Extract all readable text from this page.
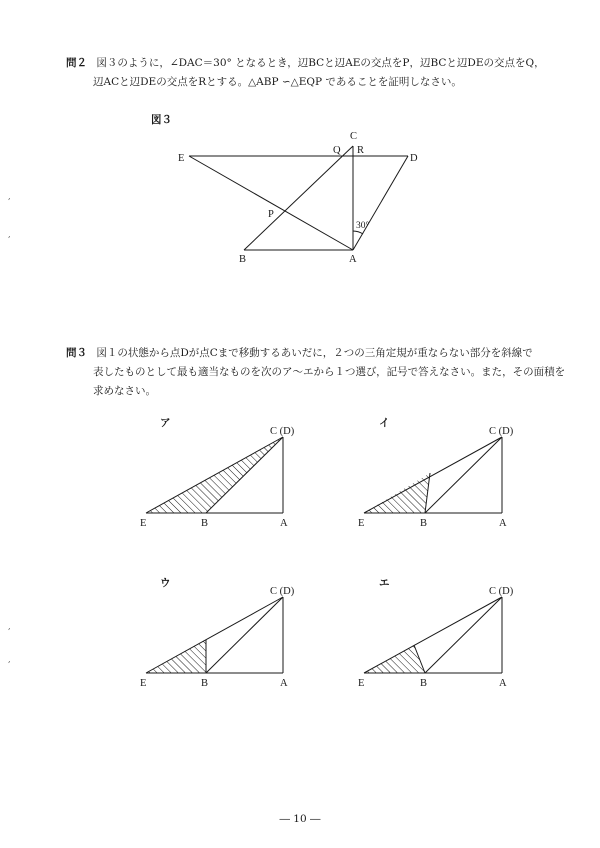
,
,
,
,
問２ 図３のように，∠DAC＝30° となるとき，辺BCと辺AEの交点をP，辺BCと辺DEの交点をQ，
辺ACと辺DEの交点をRとする。△ABP ∽△EQP であることを証明しなさい。
図３
C
Q R
E	D
P
B	A
30°
問３ 図１の状態から点Dが点Cまで移動するあいだに，２つの三角定規が重ならない部分を斜線で
表したものとして最も適当なものを次のア～エから１つ選び，記号で答えなさい。また，その面積を
求めなさい。
ア
C (D)
E	B	A
イ
C (D)
E	B	A
ウ
C (D)
E	B	A
エ
C (D)
E	B	A
― 10 ―
